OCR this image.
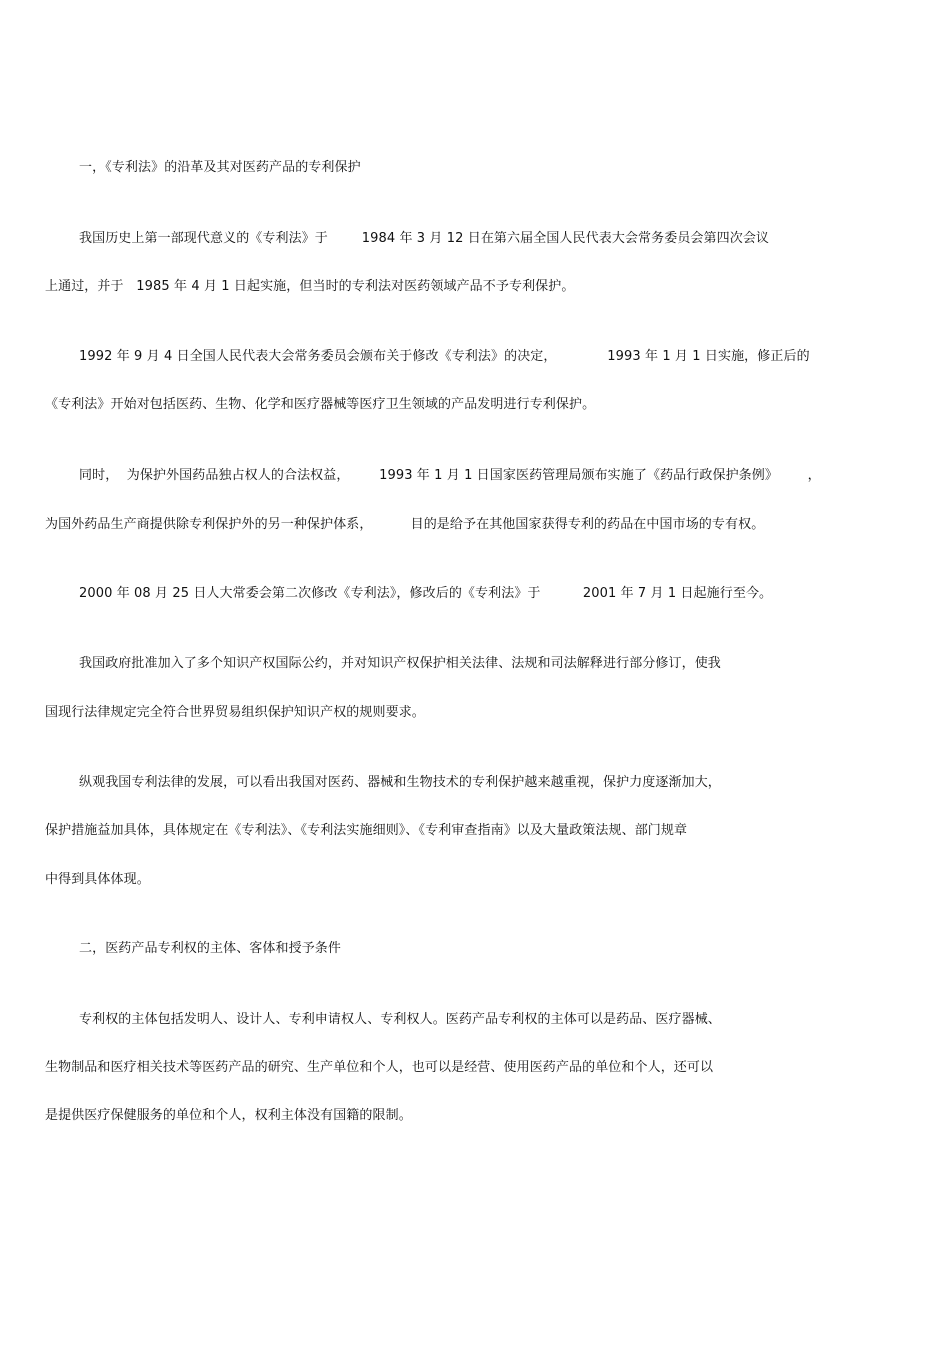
一，《专利法》的沿革及其对医药产品的专利保护
我国历史上第一部现代意义的《专利法》于        1984 年 3 月 12 日在第六届全国人民代表大会常务委员会第四次会议
上通过，并于   1985 年 4 月 1 日起实施，但当时的专利法对医药领域产品不予专利保护。
1992 年 9 月 4 日全国人民代表大会常务委员会颁布关于修改《专利法》的决定，            1993 年 1 月 1 日实施，修正后的
《专利法》开始对包括医药、生物、化学和医疗器械等医疗卫生领域的产品发明进行专利保护。
同时，  为保护外国药品独占权人的合法权益，       1993 年 1 月 1 日国家医药管理局颁布实施了《药品行政保护条例》       ，
为国外药品生产商提供除专利保护外的另一种保护体系，         目的是给予在其他国家获得专利的药品在中国市场的专有权。
2000 年 08 月 25 日人大常委会第二次修改《专利法》，修改后的《专利法》于          2001 年 7 月 1 日起施行至今。
我国政府批准加入了多个知识产权国际公约，并对知识产权保护相关法律、法规和司法解释进行部分修订，使我
国现行法律规定完全符合世界贸易组织保护知识产权的规则要求。
纵观我国专利法律的发展，可以看出我国对医药、器械和生物技术的专利保护越来越重视，保护力度逐渐加大，
保护措施益加具体，具体规定在《专利法》、《专利法实施细则》、《专利审查指南》以及大量政策法规、部门规章
中得到具体体现。
二，医药产品专利权的主体、客体和授予条件
专利权的主体包括发明人、设计人、专利申请权人、专利权人。医药产品专利权的主体可以是药品、医疗器械、
生物制品和医疗相关技术等医药产品的研究、生产单位和个人，也可以是经营、使用医药产品的单位和个人，还可以
是提供医疗保健服务的单位和个人，权利主体没有国籍的限制。
